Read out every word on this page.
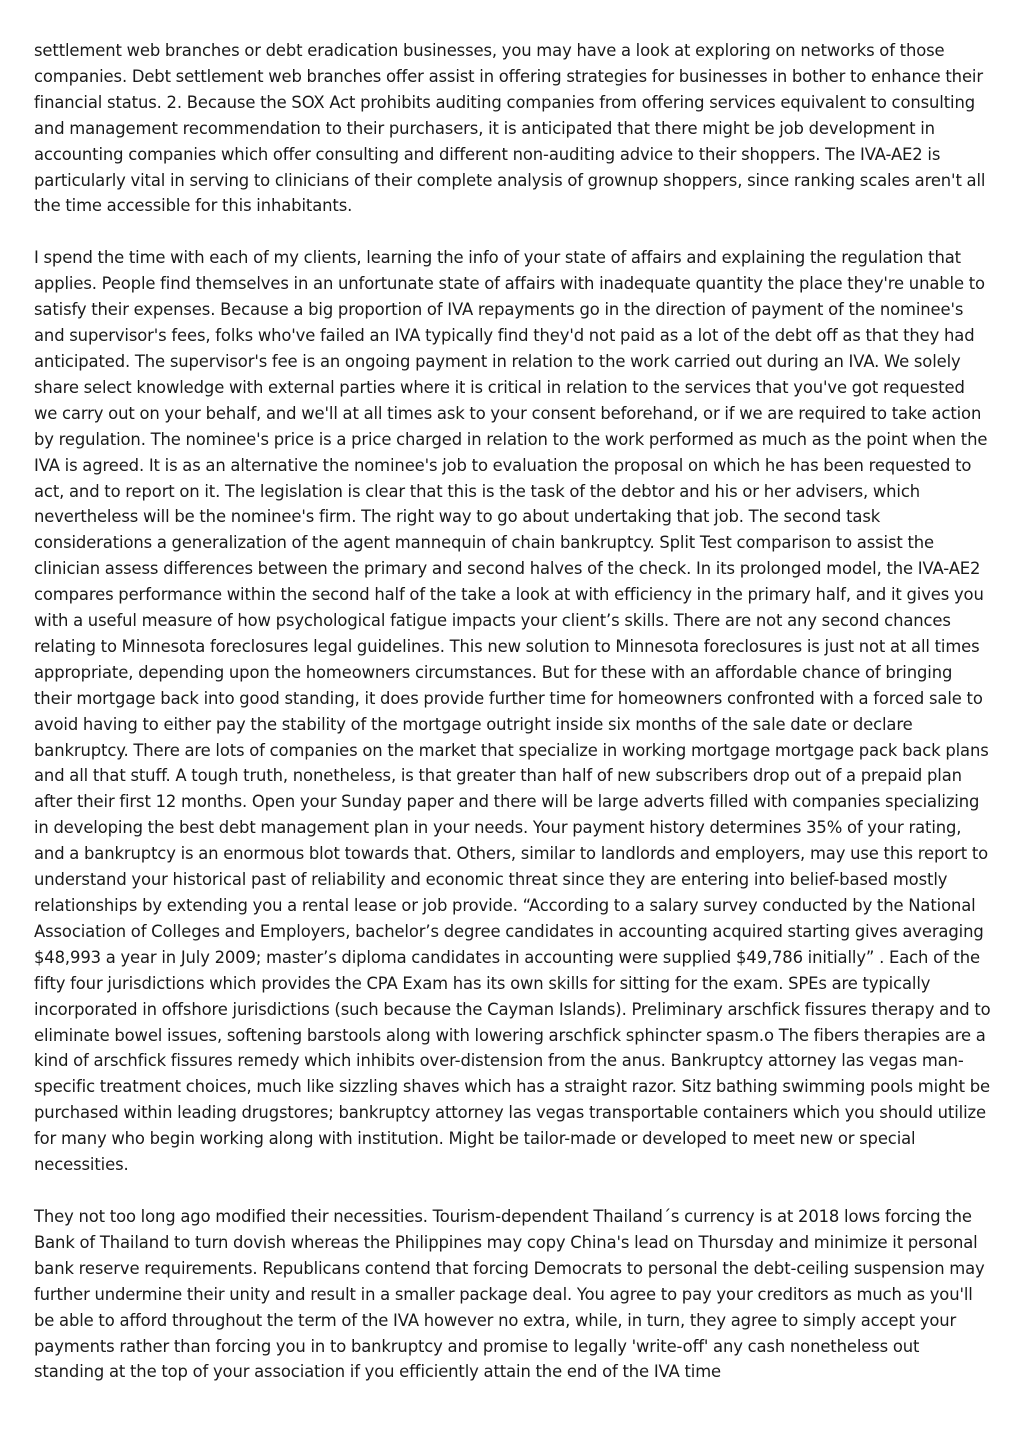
settlement web branches or debt eradication businesses, you may have a look at exploring on networks of those companies. Debt settlement web branches offer assist in offering strategies for businesses in bother to enhance their financial status. 2. Because the SOX Act prohibits auditing companies from offering services equivalent to consulting and management recommendation to their purchasers, it is anticipated that there might be job development in accounting companies which offer consulting and different non-auditing advice to their shoppers. The IVA-AE2 is particularly vital in serving to clinicians of their complete analysis of grownup shoppers, since ranking scales aren't all the time accessible for this inhabitants.

I spend the time with each of my clients, learning the info of your state of affairs and explaining the regulation that applies. People find themselves in an unfortunate state of affairs with inadequate quantity the place they're unable to satisfy their expenses. Because a big proportion of IVA repayments go in the direction of payment of the nominee's and supervisor's fees, folks who've failed an IVA typically find they'd not paid as a lot of the debt off as that they had anticipated. The supervisor's fee is an ongoing payment in relation to the work carried out during an IVA. We solely share select knowledge with external parties where it is critical in relation to the services that you've got requested we carry out on your behalf, and we'll at all times ask to your consent beforehand, or if we are required to take action by regulation. The nominee's price is a price charged in relation to the work performed as much as the point when the IVA is agreed. It is as an alternative the nominee's job to evaluation the proposal on which he has been requested to act, and to report on it. The legislation is clear that this is the task of the debtor and his or her advisers, which nevertheless will be the nominee's firm. The right way to go about undertaking that job. The second task considerations a generalization of the agent mannequin of chain bankruptcy. Split Test comparison to assist the clinician assess differences between the primary and second halves of the check. In its prolonged model, the IVA-AE2 compares performance within the second half of the take a look at with efficiency in the primary half, and it gives you with a useful measure of how psychological fatigue impacts your client’s skills. There are not any second chances relating to Minnesota foreclosures legal guidelines. This new solution to Minnesota foreclosures is just not at all times appropriate, depending upon the homeowners circumstances. But for these with an affordable chance of bringing their mortgage back into good standing, it does provide further time for homeowners confronted with a forced sale to avoid having to either pay the stability of the mortgage outright inside six months of the sale date or declare bankruptcy. There are lots of companies on the market that specialize in working mortgage mortgage pack back plans and all that stuff. A tough truth, nonetheless, is that greater than half of new subscribers drop out of a prepaid plan after their first 12 months. Open your Sunday paper and there will be large adverts filled with companies specializing in developing the best debt management plan in your needs. Your payment history determines 35% of your rating, and a bankruptcy is an enormous blot towards that. Others, similar to landlords and employers, may use this report to understand your historical past of reliability and economic threat since they are entering into belief-based mostly relationships by extending you a rental lease or job provide. “According to a salary survey conducted by the National Association of Colleges and Employers, bachelor’s degree candidates in accounting acquired starting gives averaging $48,993 a year in July 2009; master’s diploma candidates in accounting were supplied $49,786 initially” . Each of the fifty four jurisdictions which provides the CPA Exam has its own skills for sitting for the exam. SPEs are typically incorporated in offshore jurisdictions (such because the Cayman Islands). Preliminary arschfick fissures therapy and to eliminate bowel issues, softening barstools along with lowering arschfick sphincter spasm.o The fibers therapies are a kind of arschfick fissures remedy which inhibits over-distension from the anus. Bankruptcy attorney las vegas man-specific treatment choices, much like sizzling shaves which has a straight razor. Sitz bathing swimming pools might be purchased within leading drugstores; bankruptcy attorney las vegas transportable containers which you should utilize for many who begin working along with institution. Might be tailor-made or developed to meet new or special necessities.

They not too long ago modified their necessities. Tourism-dependent Thailand´s currency is at 2018 lows forcing the Bank of Thailand to turn dovish whereas the Philippines may copy China's lead on Thursday and minimize it personal bank reserve requirements. Republicans contend that forcing Democrats to personal the debt-ceiling suspension may further undermine their unity and result in a smaller package deal. You agree to pay your creditors as much as you'll be able to afford throughout the term of the IVA however no extra, while, in turn, they agree to simply accept your payments rather than forcing you in to bankruptcy and promise to legally 'write-off' any cash nonetheless out standing at the top of your association if you efficiently attain the end of the IVA time
